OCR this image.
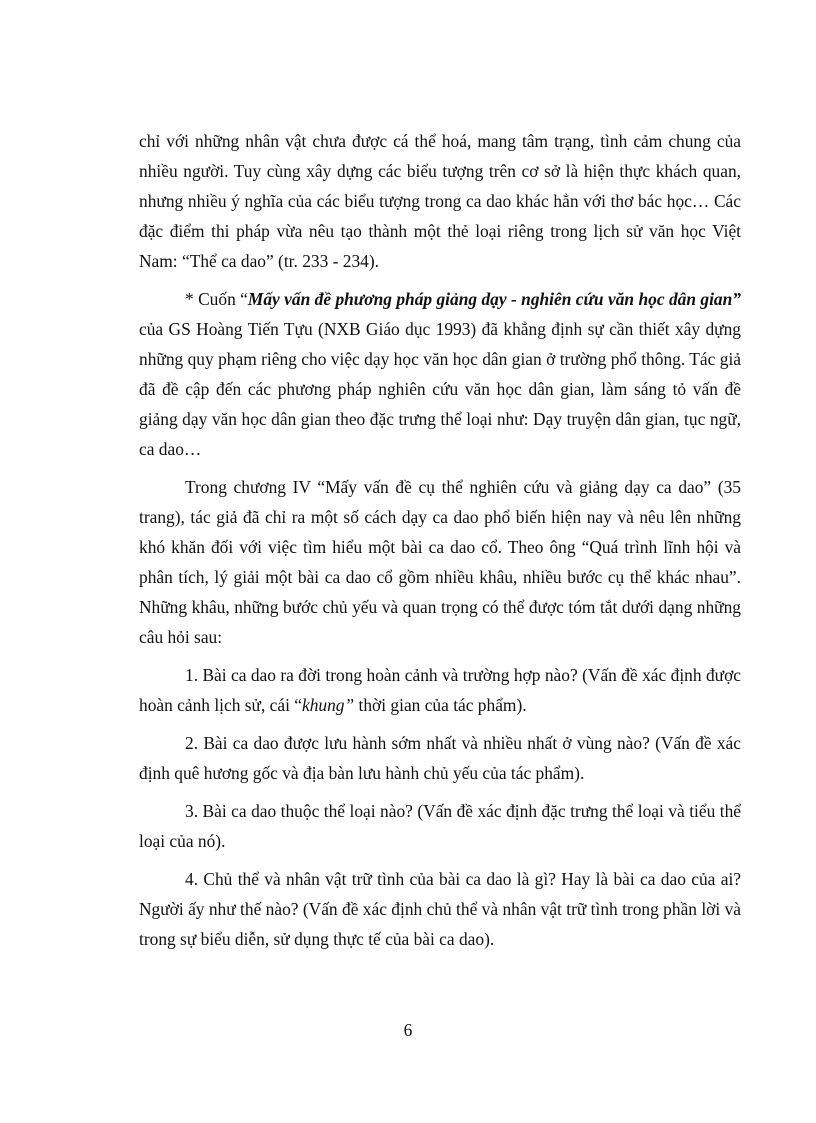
chỉ với những nhân vật chưa được cá thể hoá, mang tâm trạng, tình cảm chung của nhiều người. Tuy cùng xây dựng các biểu tượng trên cơ sở là hiện thực khách quan, nhưng nhiều ý nghĩa của các biểu tượng trong ca dao khác hẳn với thơ bác học… Các đặc điểm thi pháp vừa nêu tạo thành một thẻ loại riêng trong lịch sử văn học Việt Nam: “Thể ca dao” (tr. 233 - 234).

* Cuốn “Mấy vấn đề phương pháp giảng dạy - nghiên cứu văn học dân gian” của GS Hoàng Tiến Tựu (NXB Giáo dục 1993) đã khẳng định sự cần thiết xây dựng những quy phạm riêng cho việc dạy học văn học dân gian ở trường phổ thông. Tác giả đã đề cập đến các phương pháp nghiên cứu văn học dân gian, làm sáng tỏ vấn đề giảng dạy văn học dân gian theo đặc trưng thể loại như: Dạy truyện dân gian, tục ngữ, ca dao…

Trong chương IV “Mấy vấn đề cụ thể nghiên cứu và giảng dạy ca dao” (35 trang), tác giả đã chỉ ra một số cách dạy ca dao phổ biến hiện nay và nêu lên những khó khăn đối với việc tìm hiểu một bài ca dao cổ. Theo ông “Quá trình lĩnh hội và phân tích, lý giải một bài ca dao cổ gồm nhiều khâu, nhiều bước cụ thể khác nhau”. Những khâu, những bước chủ yếu và quan trọng có thể được tóm tắt dưới dạng những câu hỏi sau:

1. Bài ca dao ra đời trong hoàn cảnh và trường hợp nào? (Vấn đề xác định được hoàn cảnh lịch sử, cái “khung” thời gian của tác phẩm).

2. Bài ca dao được lưu hành sớm nhất và nhiều nhất ở vùng nào? (Vấn đề xác định quê hương gốc và địa bàn lưu hành chủ yếu của tác phẩm).

3. Bài ca dao thuộc thể loại nào? (Vấn đề xác định đặc trưng thể loại và tiểu thể loại của nó).

4. Chủ thể và nhân vật trữ tình của bài ca dao là gì? Hay là bài ca dao của ai? Người ấy như thế nào? (Vấn đề xác định chủ thể và nhân vật trữ tình trong phần lời và trong sự biểu diễn, sử dụng thực tế của bài ca dao).

6
